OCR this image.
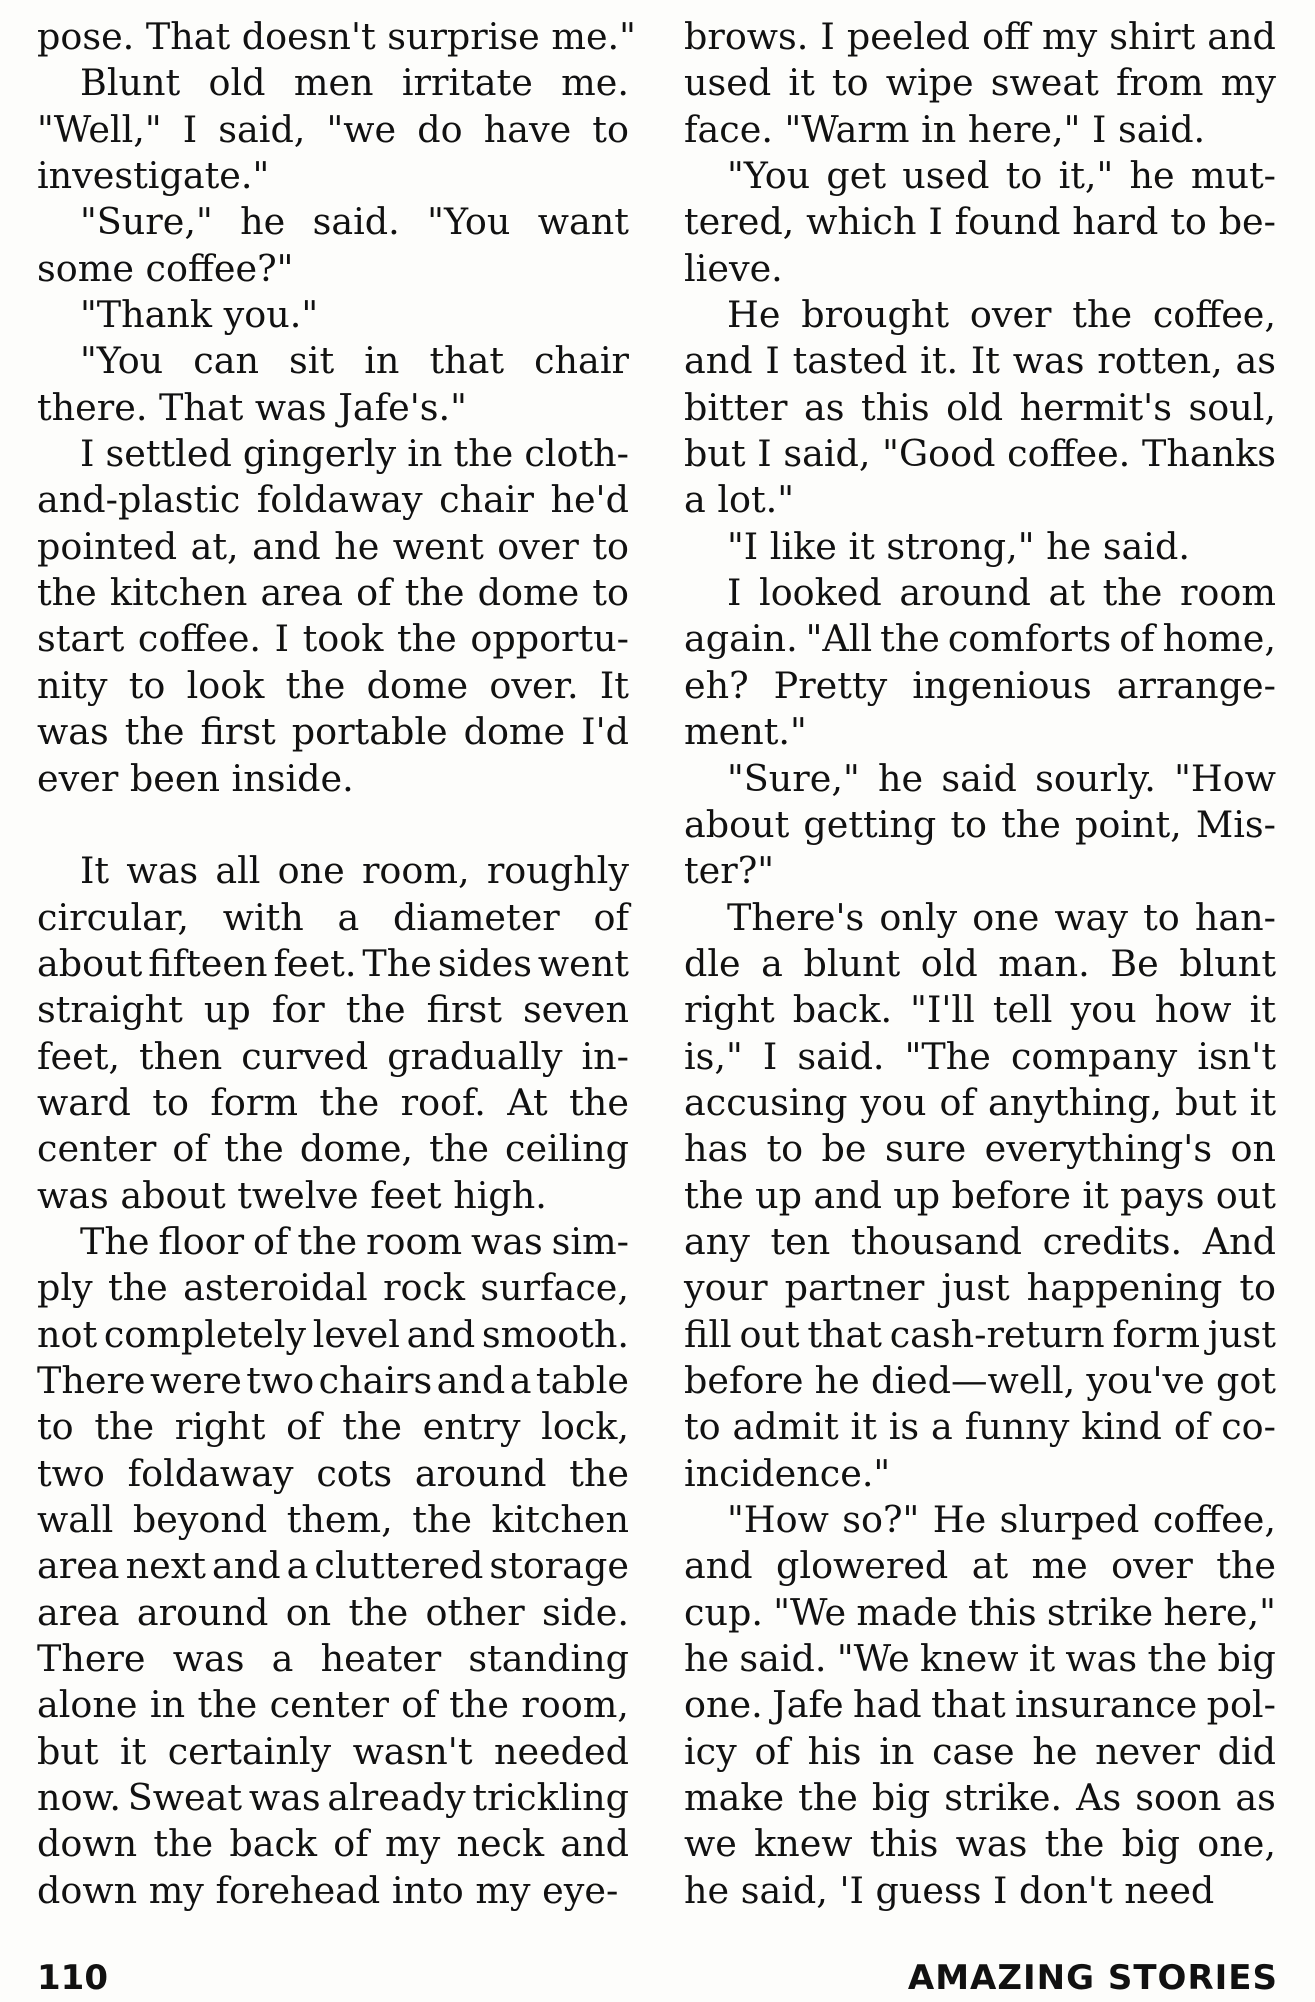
pose. That doesn't surprise me."
Blunt old men irritate me.
"Well," I said, "we do have to
investigate."
"Sure," he said. "You want
some coffee?"
"Thank you."
"You can sit in that chair
there. That was Jafe's."
I settled gingerly in the cloth-
and-plastic foldaway chair he'd
pointed at, and he went over to
the kitchen area of the dome to
start coffee. I took the opportu-
nity to look the dome over. It
was the first portable dome I'd
ever been inside.
It was all one room, roughly
circular, with a diameter of
about fifteen feet. The sides went
straight up for the first seven
feet, then curved gradually in-
ward to form the roof. At the
center of the dome, the ceiling
was about twelve feet high.
The floor of the room was sim-
ply the asteroidal rock surface,
not completely level and smooth.
There were two chairs and a table
to the right of the entry lock,
two foldaway cots around the
wall beyond them, the kitchen
area next and a cluttered storage
area around on the other side.
There was a heater standing
alone in the center of the room,
but it certainly wasn't needed
now. Sweat was already trickling
down the back of my neck and
down my forehead into my eye-
brows. I peeled off my shirt and
used it to wipe sweat from my
face. "Warm in here," I said.
"You get used to it," he mut-
tered, which I found hard to be-
lieve.
He brought over the coffee,
and I tasted it. It was rotten, as
bitter as this old hermit's soul,
but I said, "Good coffee. Thanks
a lot."
"I like it strong," he said.
I looked around at the room
again. "All the comforts of home,
eh? Pretty ingenious arrange-
ment."
"Sure," he said sourly. "How
about getting to the point, Mis-
ter?"
There's only one way to han-
dle a blunt old man. Be blunt
right back. "I'll tell you how it
is," I said. "The company isn't
accusing you of anything, but it
has to be sure everything's on
the up and up before it pays out
any ten thousand credits. And
your partner just happening to
fill out that cash-return form just
before he died—well, you've got
to admit it is a funny kind of co-
incidence."
"How so?" He slurped coffee,
and glowered at me over the
cup. "We made this strike here,"
he said. "We knew it was the big
one. Jafe had that insurance pol-
icy of his in case he never did
make the big strike. As soon as
we knew this was the big one,
he said, 'I guess I don't need
110	AMAZING STORIES
